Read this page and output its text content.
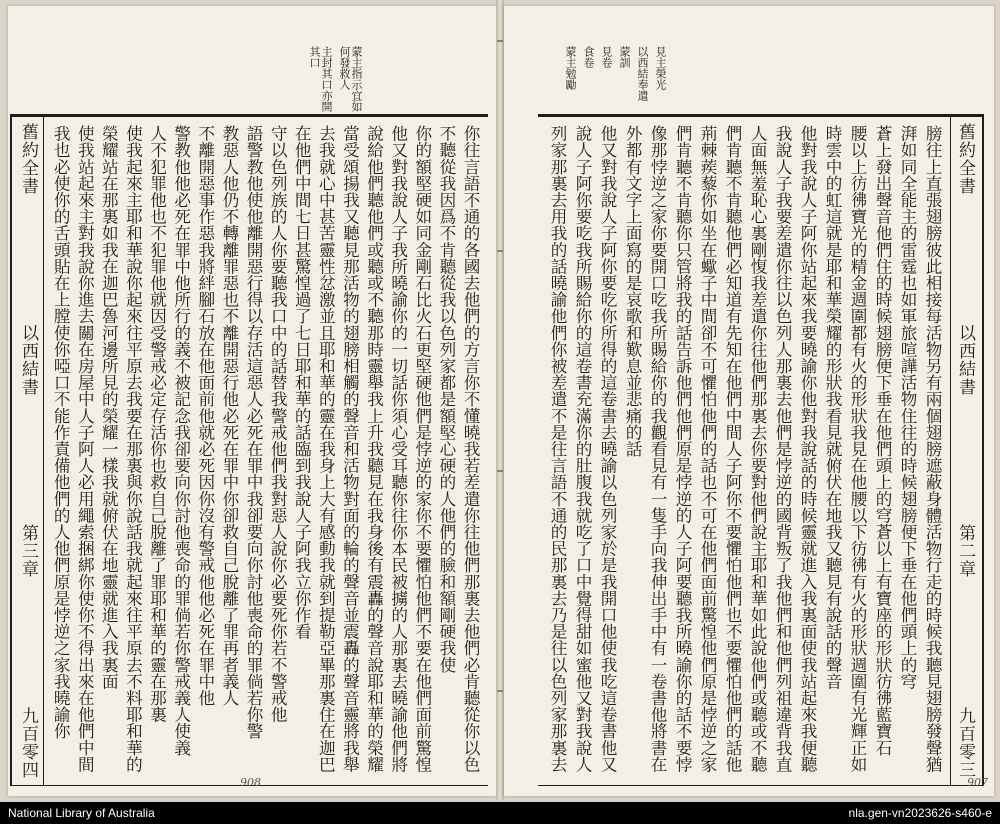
蒙主指示宜如何發救人
主封其口亦開其口
舊約全書
以西結書
第三章
九百零四
你往言語不通的各國去他們的方言你不懂曉我若差遣你往他們那裏去他們必肯聽從你以色
不聽從我因爲不肯聽從我以色列家都是額堅心硬的人他們的臉和額剛硬我使
你的額堅硬如同金剛石比火石更堅硬他們是悖逆的家你不要懼怕他們不要在他們面前驚惶
他又對我說人子我所曉諭你的一切話你須心受耳聽你往你本民被擄的人那裏去曉諭他們將
說給他們聽他們或聽或不聽那時靈舉我上升我聽見在我身後有震轟的聲音說耶和華的榮耀
當受頌揚我又聽見那活物的翅膀相觸的聲音和活物對面的輪的聲音並震轟的聲音靈將我舉
去我就心中甚苦靈性忿激並且耶和華的靈在我身上大有感動我就到提勒亞畢那裏住在迦巴
在他們中間七日甚驚惶過了七日耶和華的話臨到我說人子阿我立你作看
守以色列族的人你要聽我口中的話替我警戒他們我對惡人說你必要死你若不警戒他
語警教他使他離開惡行得以存活這惡人必死在罪中我卻要向你討他喪命的罪倘若你警
教惡人他仍不轉離罪惡也不離開惡行他必死在罪中你卻救自己脫離了罪再者義人
不離開惡事作惡我將絆腳石放在他面前他就必死因你沒有警戒他他必死在罪中他
警教他他必死在罪中他所行的義不被記念我卻要向你討他喪命的罪倘若你警戒義人使義
人不犯罪他也不犯罪他就因受警戒必定存活你也救自己脫離了罪耶和華的靈在那裏
使我起來主耶和華說你起來往平原去我要在那裏與你說話我就起來往平原去不料耶和華的
榮耀站在那裏如我在迦巴魯河邊所見的榮耀一樣我就俯伏在地靈就進入我裏面
使我站起來主對我說你進去關在房屋中人子阿人必用繩索捆綁你使你不得出來在他們中間
我也必使你的舌頭貼在上膛使你啞口不能作責備他們的人他們原是悖逆之家我曉諭你
908
見主榮光
以西結奉遣
蒙訓
見卷
食卷
蒙主勉勵
舊約全書
以西結書
第二章
九百零三
膀往上直張翅膀彼此相接每活物另有兩個翅膀遮蔽身體活物行走的時候我聽見翅膀發聲猶
湃如同全能主的雷霆也如軍旅喧譁活物住往的時候翅膀便下垂在他們頭上的穹
蒼上發出聲音他們住的時候翅膀便下垂在他們頭上的穹蒼以上有寶座的形狀彷彿藍寶石
腰以上彷彿寶光的精金週圍都有火的形狀我見在他腰以下彷彿有火的形狀週圍有光輝正如
時雲中的虹這就是耶和華榮耀的形狀我看見就俯伏在地我又聽見有說話的聲音
他對我說人子阿你站起來我要曉諭你他對我說話的時候靈就進入我裏面使我站起來我便聽
我說人子我要差遣你往以色列人那裏去他們是悖逆的國背叛了我他們和他們列祖違背我直
人面無羞恥心裏剛愎我差遣你往他們那裏去你要對他們說主耶和華如此說他們或聽或不聽
們肯聽不肯聽他們必知道有先知在他們中間人子阿你不要懼怕他們也不要懼怕他們的話他
荊棘蒺藜你如坐在蠍子中間卻不可懼怕他們的話也不可在他們面前驚惶他們原是悖逆之家
們肯聽不肯聽你只管將我的話告訴他們他們原是悖逆的人子阿要聽我所曉諭你的話不要悖
像那悖逆之家你要開口吃我所賜給你的我觀看見有一隻手向我伸出手中有一卷書他將書在
外都有文字上面寫的是哀歌和歎息並悲痛的話
他又對我說人子阿你要吃你所得的這卷書去曉諭以色列家於是我開口他使我吃這卷書他又
說人子阿你要吃我所賜給你的這卷書充滿你的肚腹我就吃了口中覺得甜如蜜他又對我說人
列家那裏去用我的話曉諭他們你被差遣不是往言語不通的民那裏去乃是往以色列家那裏去
907
National Library of Australia	nla.gen-vn2023626-s460-e
